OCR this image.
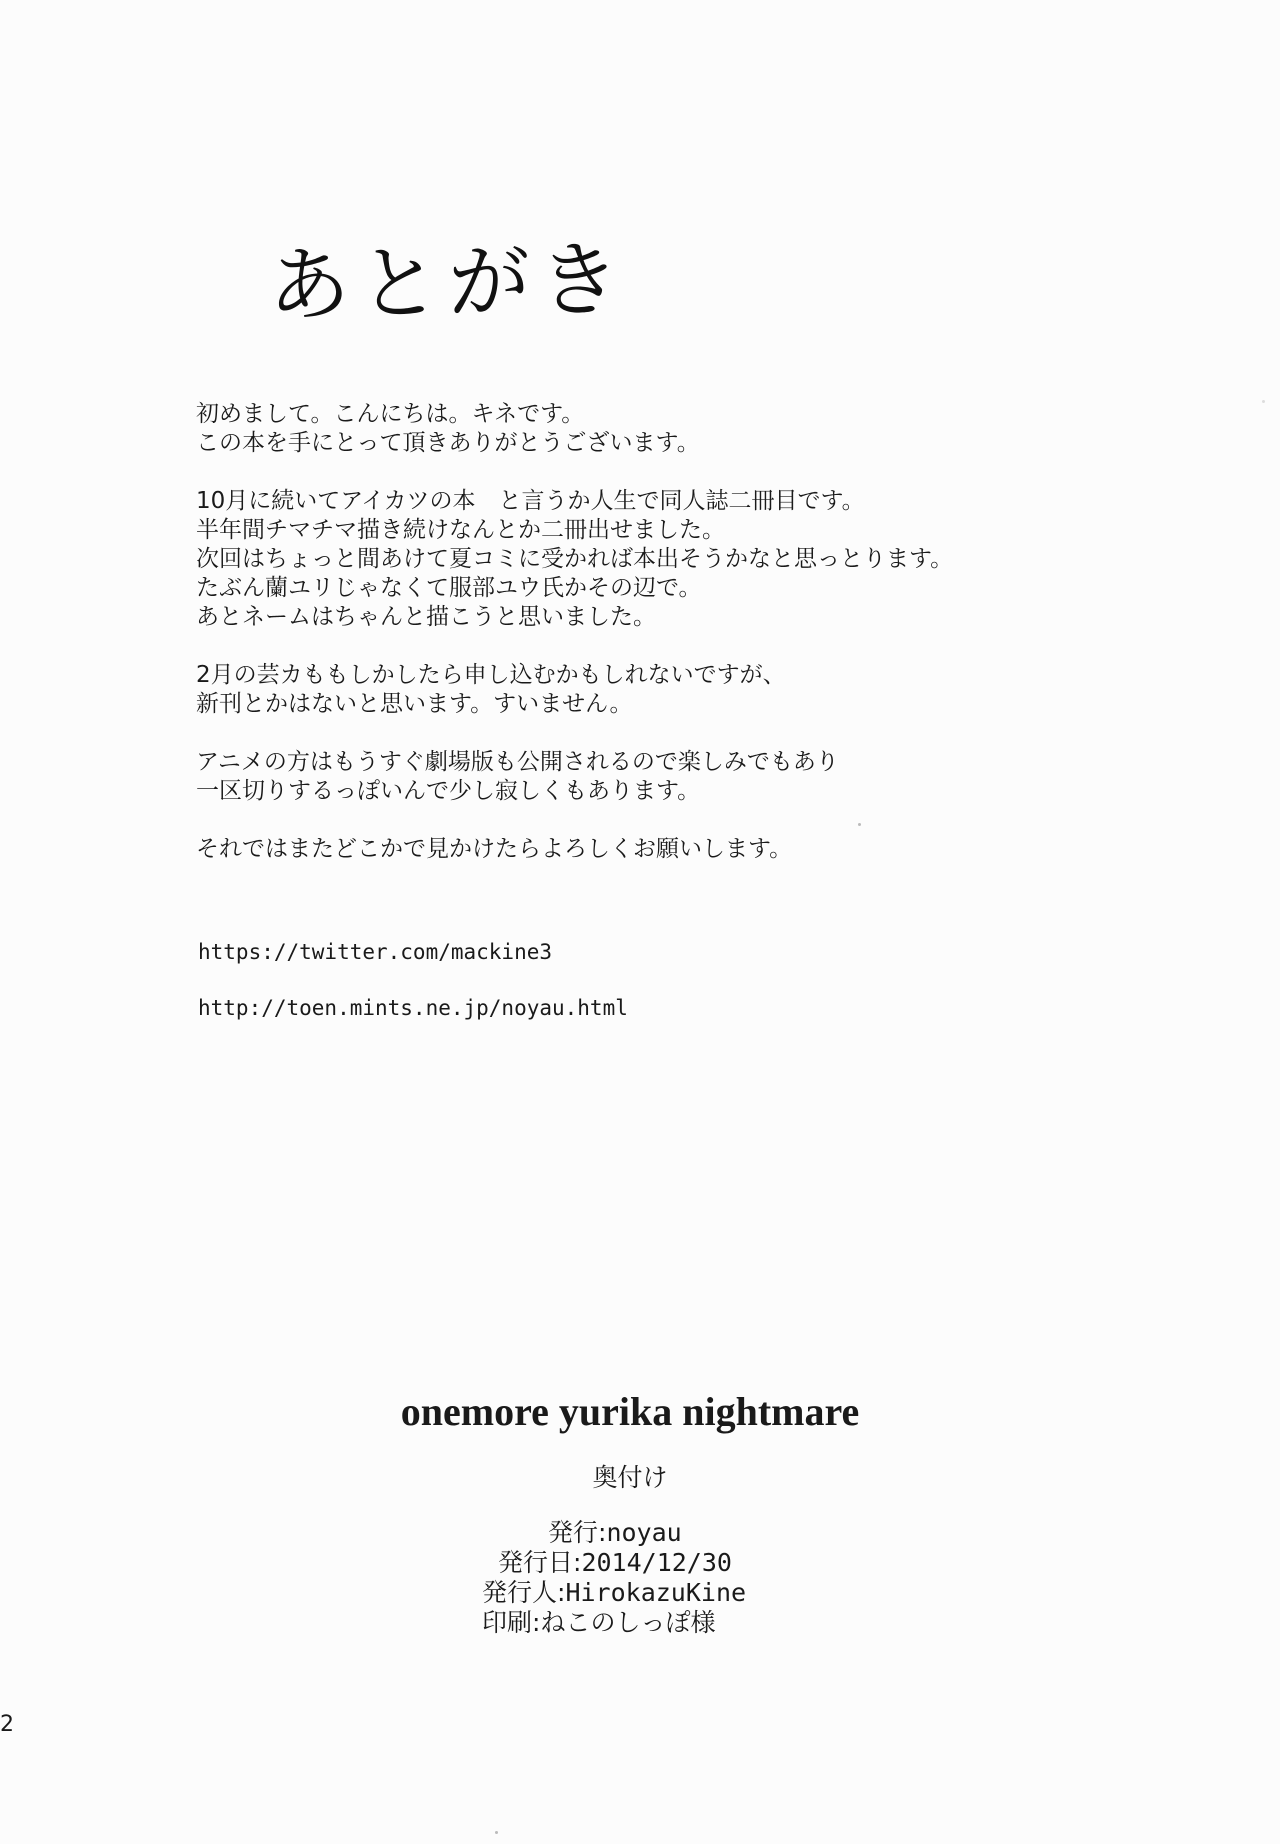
あとがき

初めまして。こんにちは。キネです。
この本を手にとって頂きありがとうございます。

10月に続いてアイカツの本　と言うか人生で同人誌二冊目です。
半年間チマチマ描き続けなんとか二冊出せました。
次回はちょっと間あけて夏コミに受かれば本出そうかなと思っとります。
たぶん蘭ユリじゃなくて服部ユウ氏かその辺で。
あとネームはちゃんと描こうと思いました。

2月の芸カももしかしたら申し込むかもしれないですが、
新刊とかはないと思います。すいません。

アニメの方はもうすぐ劇場版も公開されるので楽しみでもあり
一区切りするっぽいんで少し寂しくもあります。

それではまたどこかで見かけたらよろしくお願いします。

https://twitter.com/mackine3
http://toen.mints.ne.jp/noyau.html
onemore yurika nightmare
奥付け
発行:noyau
発行日:2014/12/30
発行人:HirokazuKine
印刷:ねこのしっぽ様
2
